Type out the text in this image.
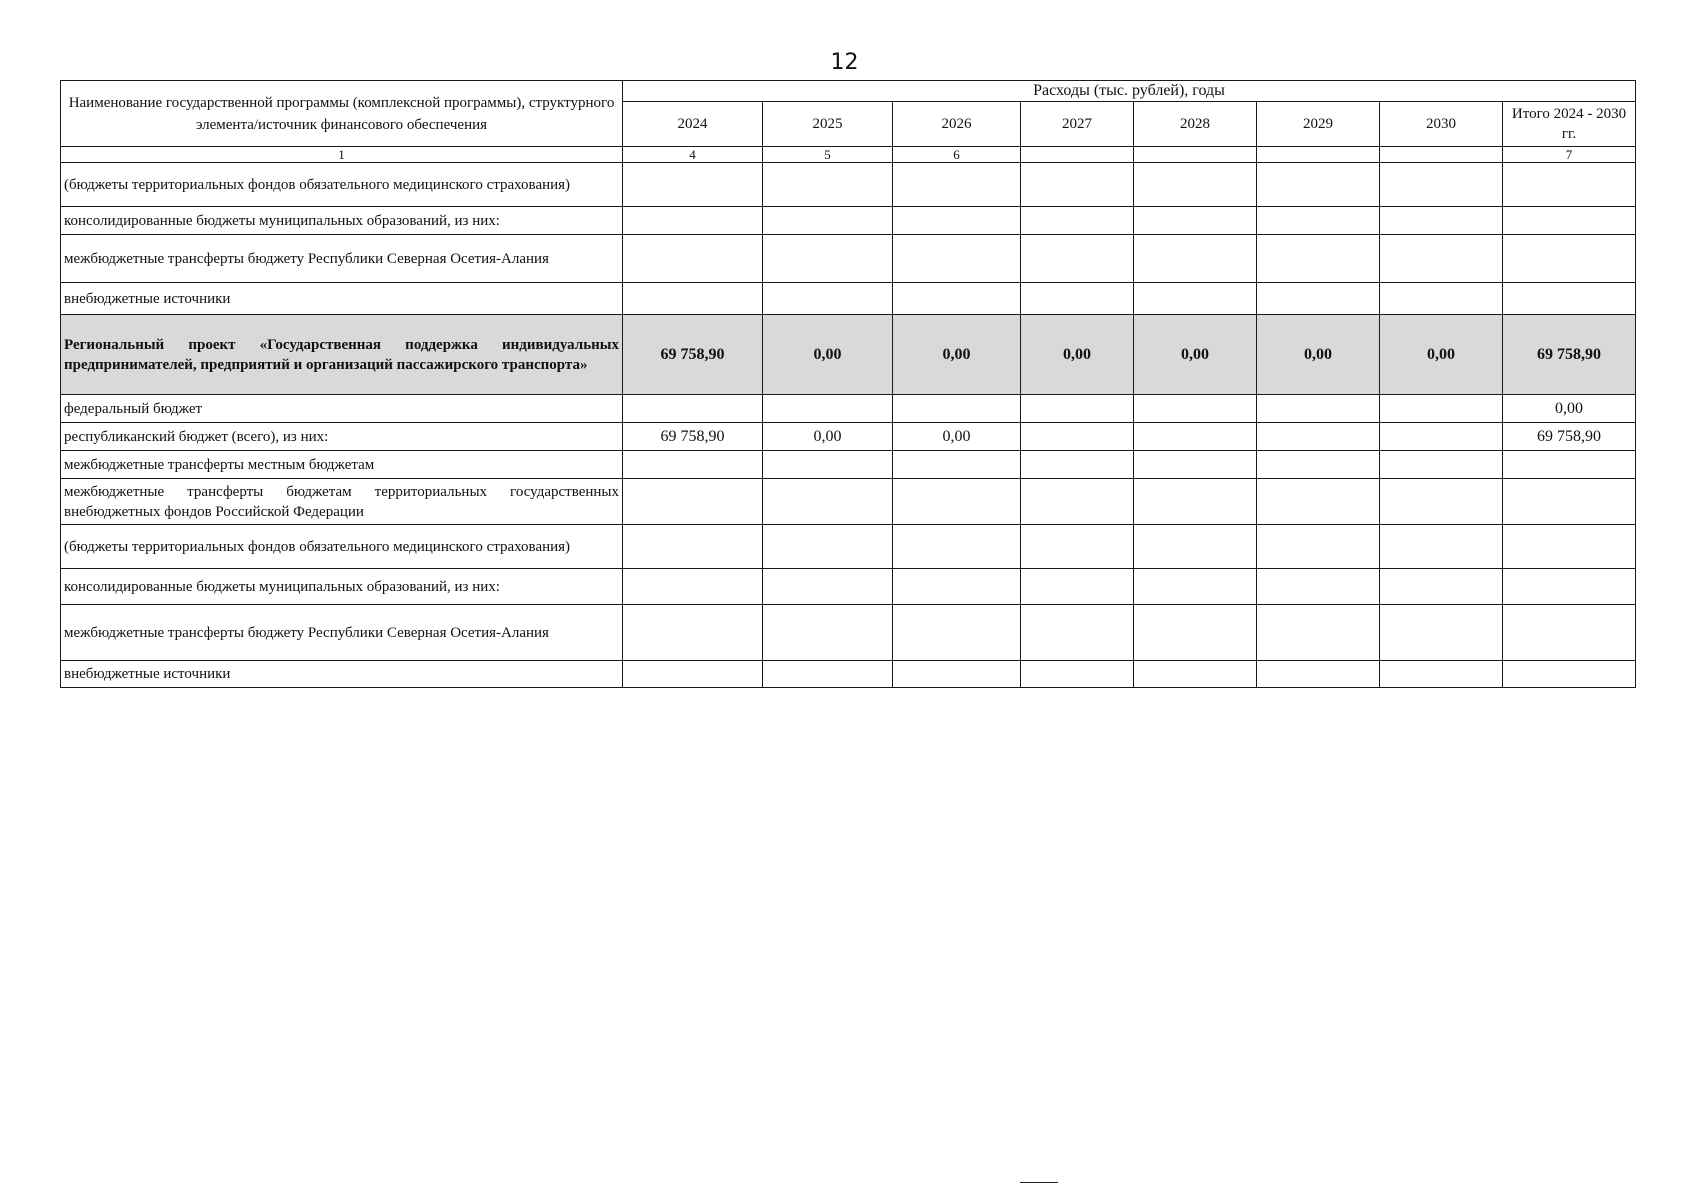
12
Наименование государственной программы (комплексной программы), структурного элемента/источник финансового обеспечения	Расходы (тыс. рублей), годы							
	2024	2025	2026	2027	2028	2029	2030	Итого 2024 - 2030 гг.
1	4	5	6					7
(бюджеты территориальных фондов обязательного медицинского страхования)								
консолидированные бюджеты муниципальных образований, из них:								
межбюджетные трансферты бюджету Республики Северная Осетия-Алания								
внебюджетные источники								
Региональный проект «Государственная поддержка индивидуальных предпринимателей, предприятий и организаций пассажирского транспорта»	69 758,90	0,00	0,00	0,00	0,00	0,00	0,00	69 758,90
федеральный бюджет								0,00
республиканский бюджет (всего), из них:	69 758,90	0,00	0,00					69 758,90
межбюджетные трансферты местным бюджетам								
межбюджетные трансферты бюджетам территориальных государственных внебюджетных фондов Российской Федерации								
(бюджеты территориальных фондов обязательного медицинского страхования)								
консолидированные бюджеты муниципальных образований, из них:								
межбюджетные трансферты бюджету Республики Северная Осетия-Алания								
внебюджетные источники								
